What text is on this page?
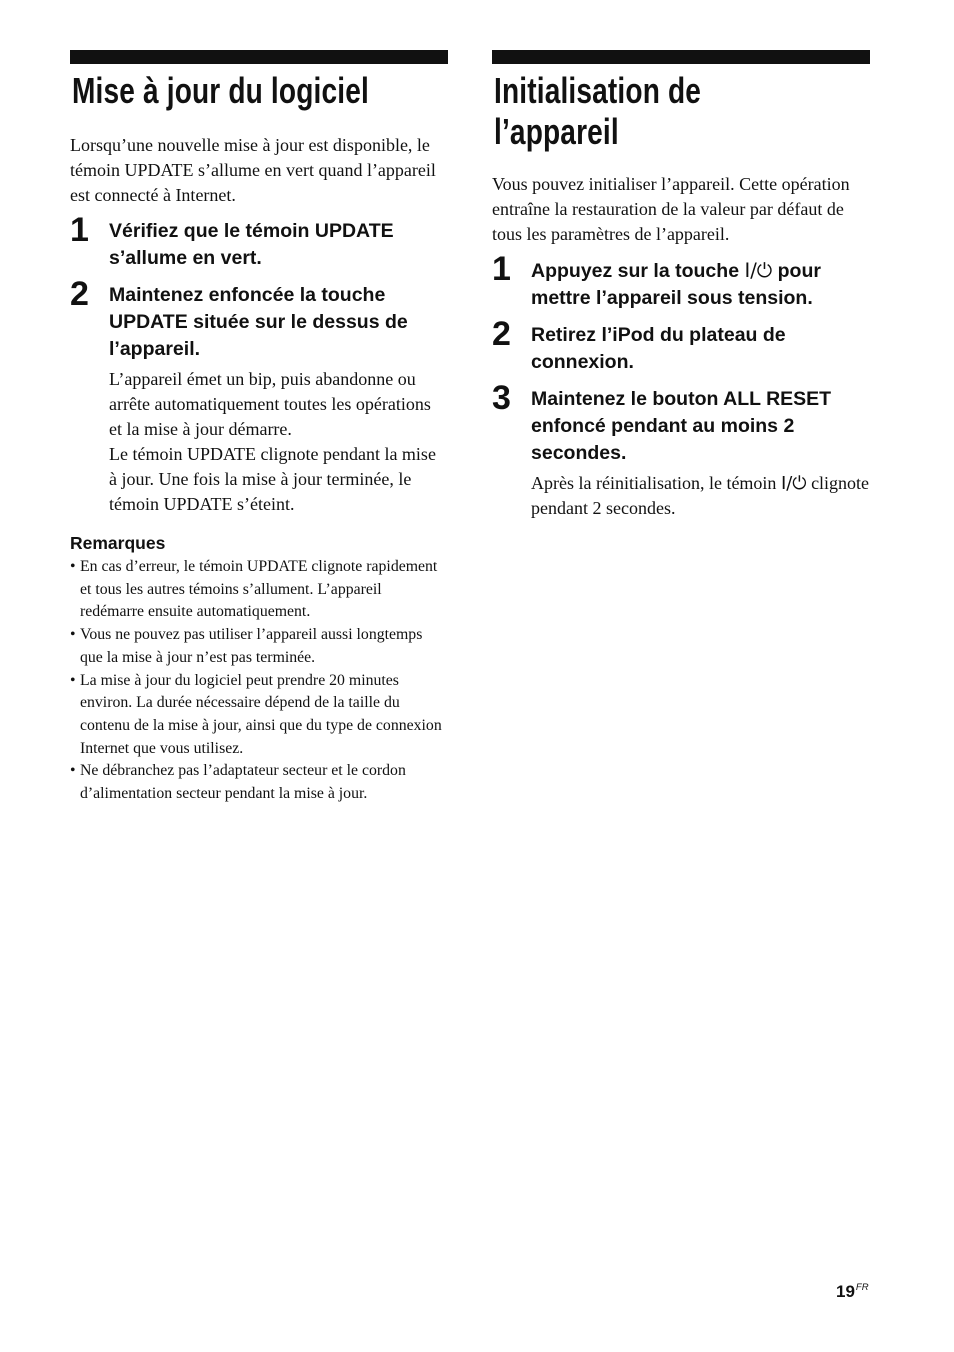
Mise à jour du logiciel

Lorsqu’une nouvelle mise à jour est disponible, le témoin UPDATE s’allume en vert quand l’appareil est connecté à Internet.

1 Vérifiez que le témoin UPDATE s’allume en vert.

2 Maintenez enfoncée la touche UPDATE située sur le dessus de l’appareil.

L’appareil émet un bip, puis abandonne ou arrête automatiquement toutes les opérations et la mise à jour démarre.

Le témoin UPDATE clignote pendant la mise à jour. Une fois la mise à jour terminée, le témoin UPDATE s’éteint.

Remarques
• En cas d’erreur, le témoin UPDATE clignote rapidement et tous les autres témoins s’allument. L’appareil redémarre ensuite automatiquement.
• Vous ne pouvez pas utiliser l’appareil aussi longtemps que la mise à jour n’est pas terminée.
• La mise à jour du logiciel peut prendre 20 minutes environ. La durée nécessaire dépend de la taille du contenu de la mise à jour, ainsi que du type de connexion Internet que vous utilisez.
• Ne débranchez pas l’adaptateur secteur et le cordon d’alimentation secteur pendant la mise à jour.
Initialisation de
l’appareil

Vous pouvez initialiser l’appareil. Cette opération entraîne la restauration de la valeur par défaut de tous les paramètres de l’appareil.

1 Appuyez sur la touche I/⏻ pour mettre l’appareil sous tension.

2 Retirez l’iPod du plateau de connexion.

3 Maintenez le bouton ALL RESET enfoncé pendant au moins 2 secondes.

Après la réinitialisation, le témoin I/⏻ clignote pendant 2 secondes.

$19^{FR}$
